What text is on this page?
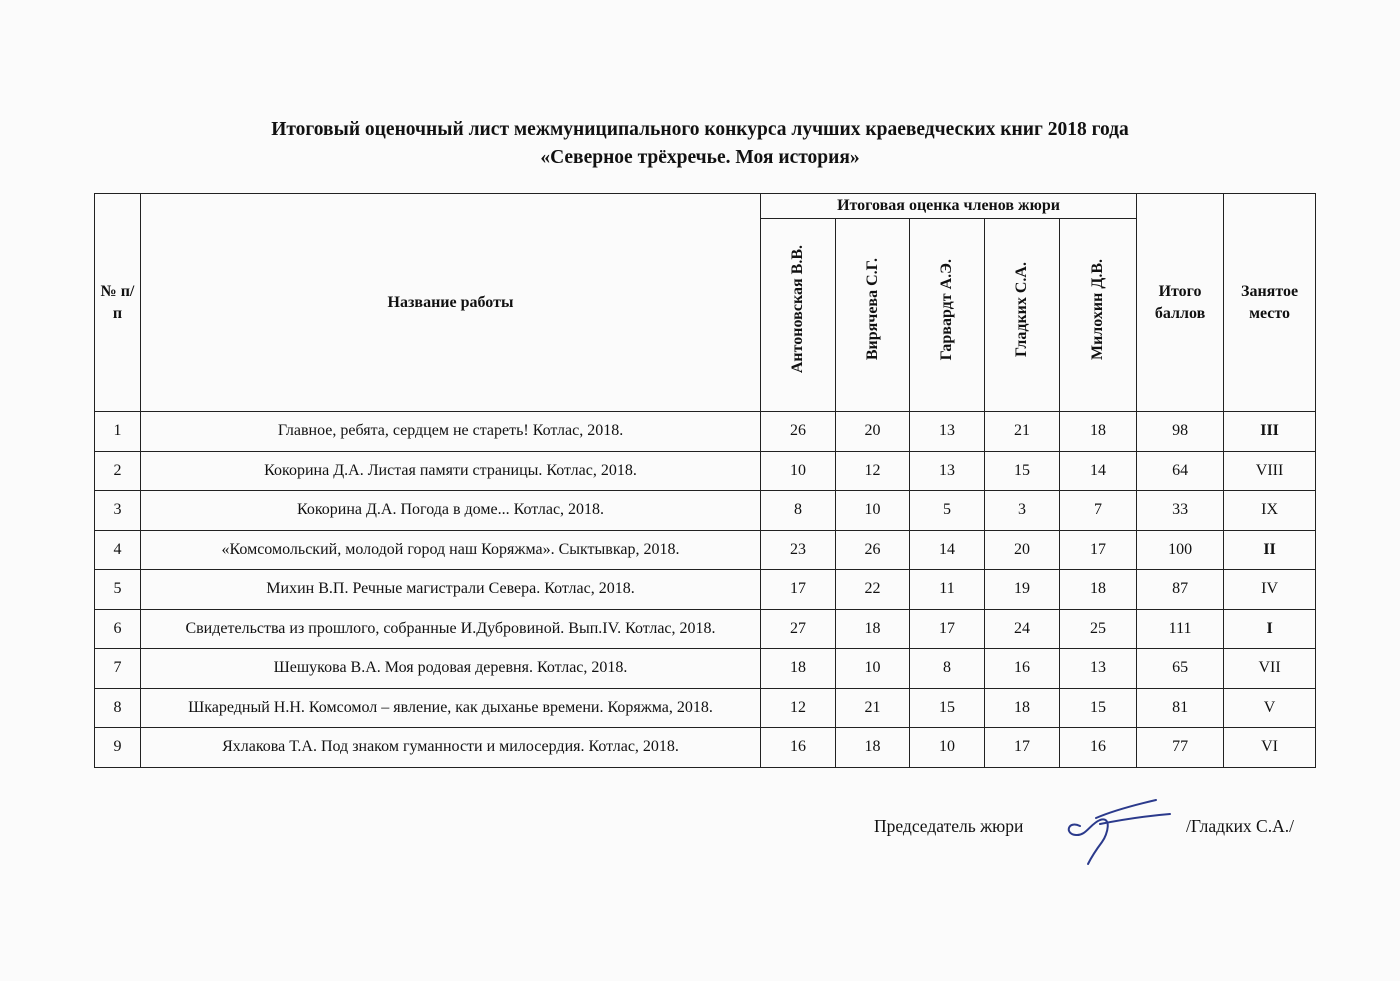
Итоговый оценочный лист межмуниципального конкурса лучших краеведческих книг 2018 года
«Северное трёхречье. Моя история»
№ п/п	Название работы	Итоговая оценка членов жюри					Итого баллов	Занятое место
		Антоновская В.В.	Вирячева С.Г.	Гарвардт А.Э.	Гладких С.А.	Милохин Д.В.		
1	Главное, ребята, сердцем не стареть! Котлас, 2018.	26	20	13	21	18	98	III
2	Кокорина Д.А. Листая памяти страницы. Котлас, 2018.	10	12	13	15	14	64	VIII
3	Кокорина Д.А. Погода в доме... Котлас, 2018.	8	10	5	3	7	33	IX
4	«Комсомольский, молодой город наш Коряжма». Сыктывкар, 2018.	23	26	14	20	17	100	II
5	Михин В.П. Речные магистрали Севера. Котлас, 2018.	17	22	11	19	18	87	IV
6	Свидетельства из прошлого, собранные И.Дубровиной. Вып.IV. Котлас, 2018.	27	18	17	24	25	111	I
7	Шешукова В.А. Моя родовая деревня. Котлас, 2018.	18	10	8	16	13	65	VII
8	Шкаредный Н.Н. Комсомол – явление, как дыханье времени. Коряжма, 2018.	12	21	15	18	15	81	V
9	Яхлакова Т.А. Под знаком гуманности и милосердия. Котлас, 2018.	16	18	10	17	16	77	VI
Председатель жюри	/Гладких С.А./
